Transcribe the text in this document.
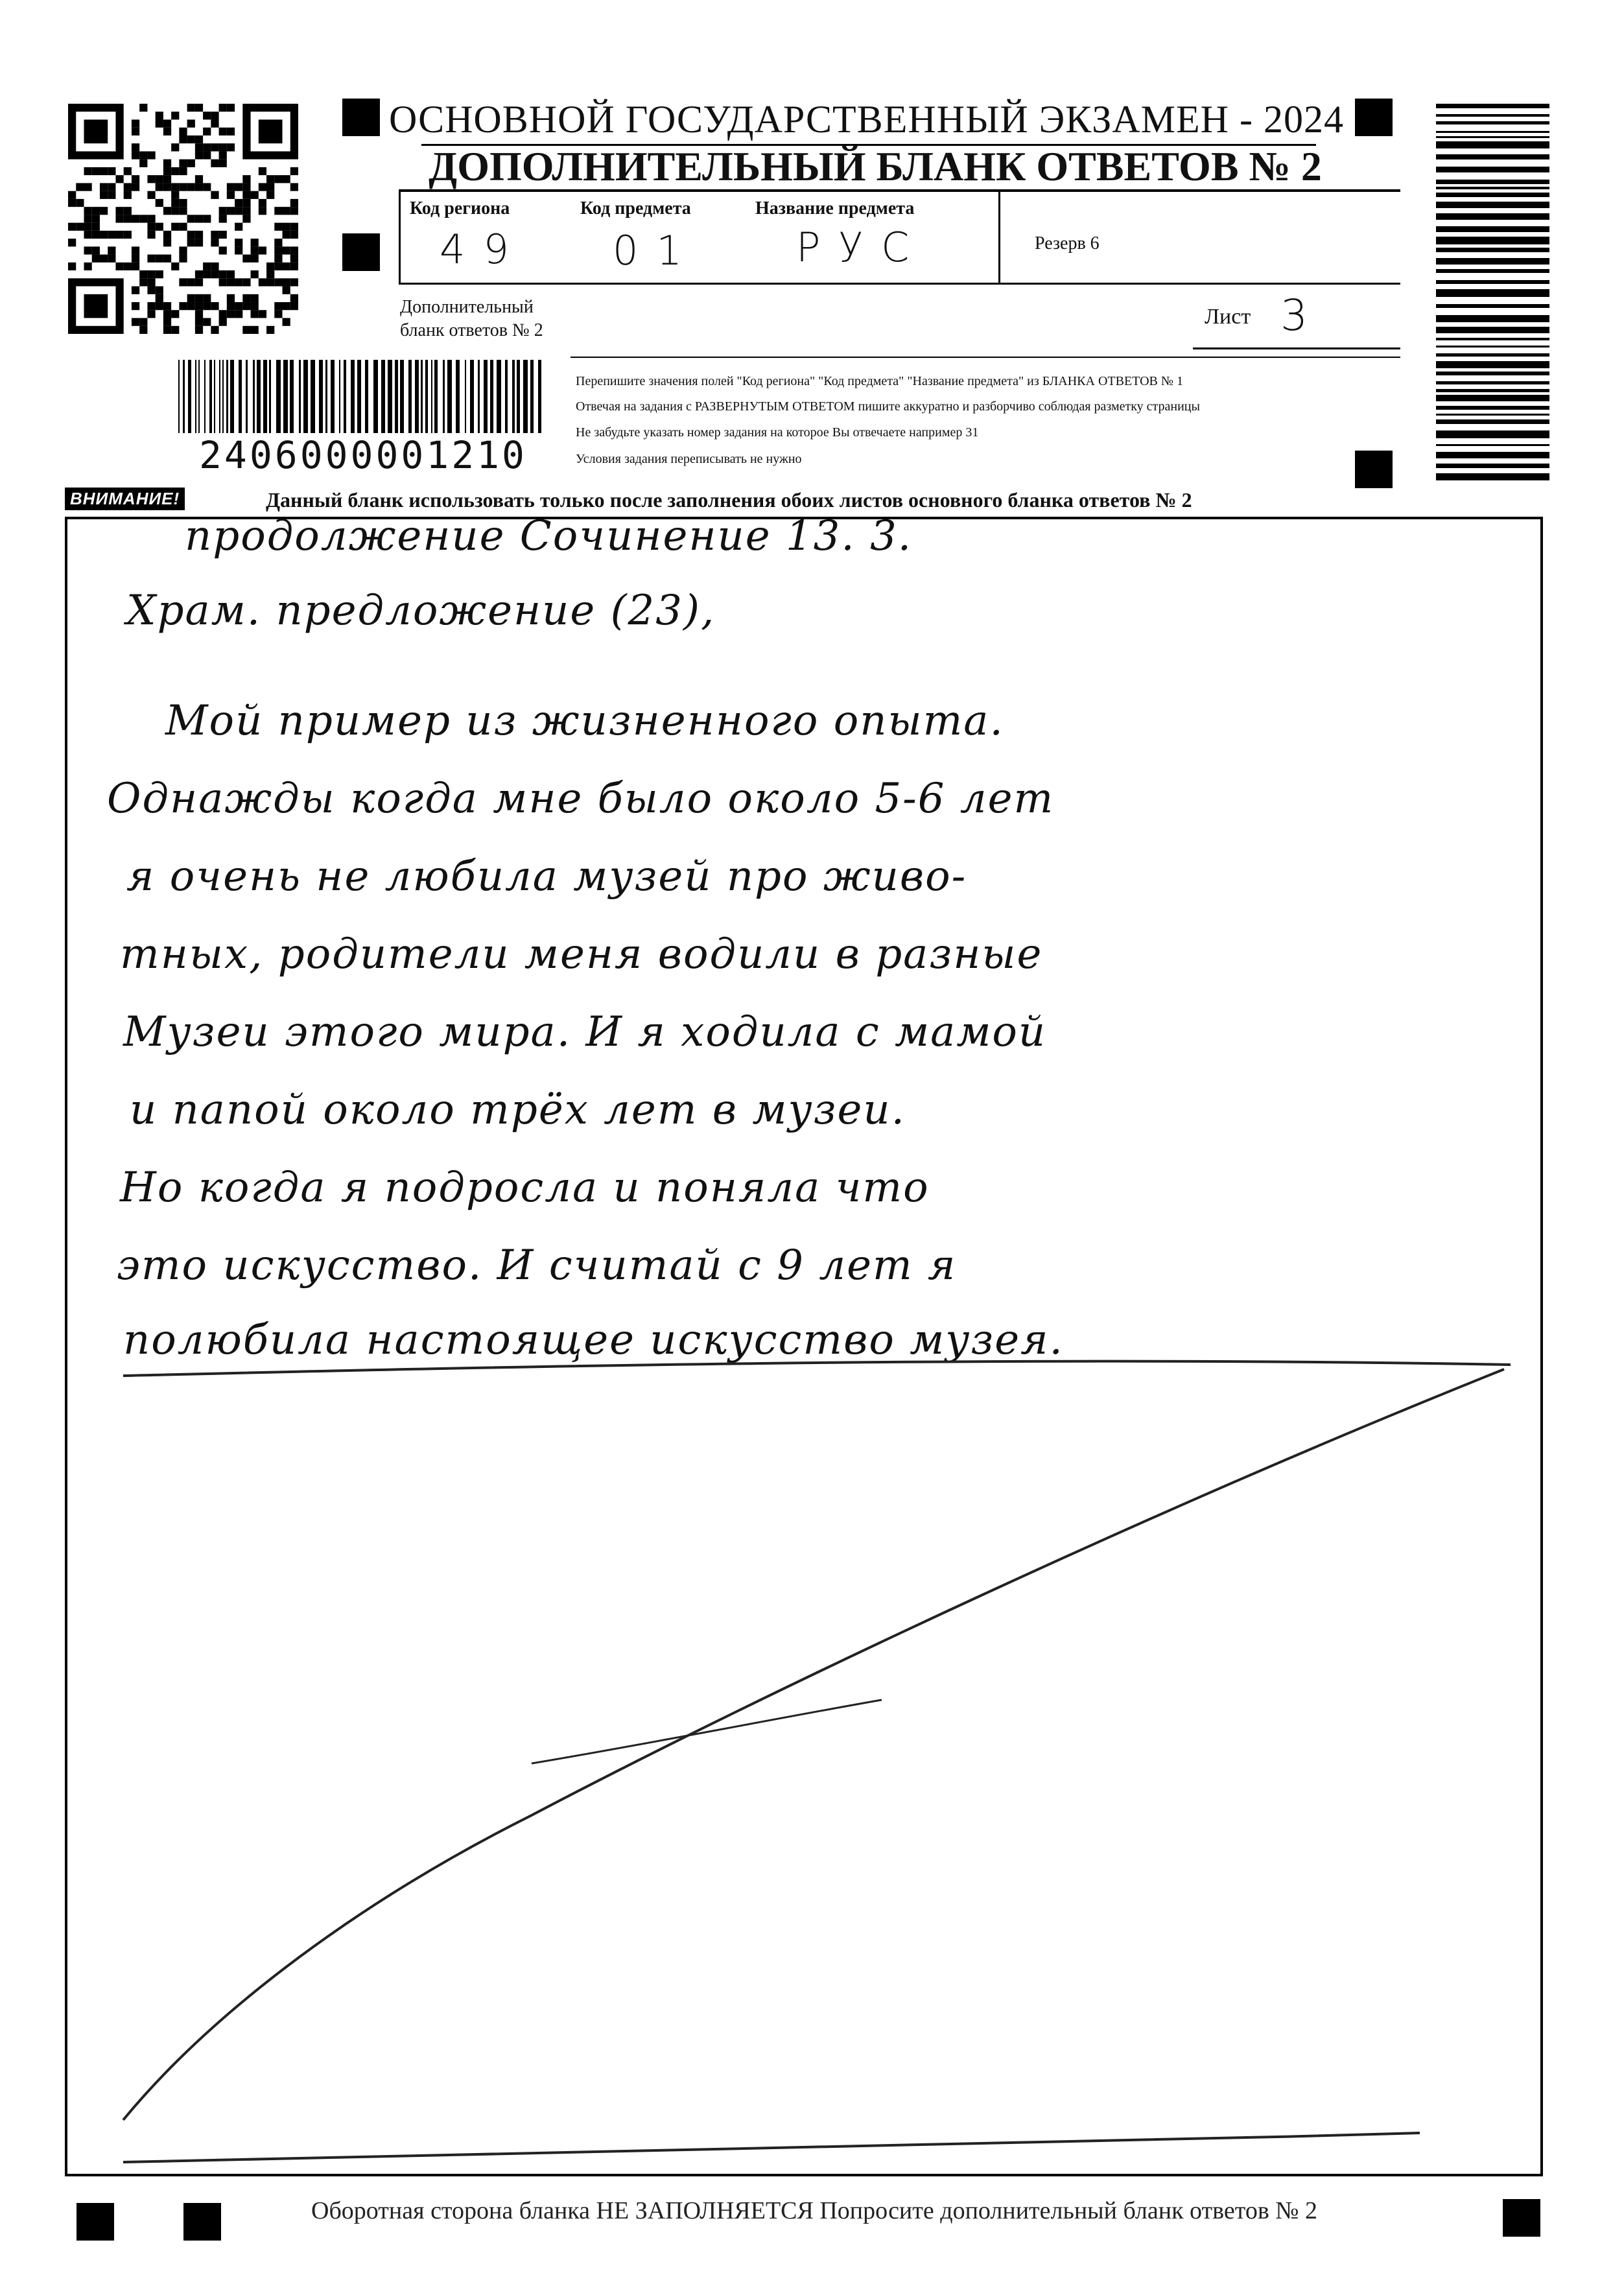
ОСНОВНОЙ ГОСУДАРСТВЕННЫЙ ЭКЗАМЕН - 2024
ДОПОЛНИТЕЛЬНЫЙ БЛАНК ОТВЕТОВ № 2
Код региона	Код предмета	Название предмета
49 01 РУС	Резерв 6
Дополнительный
бланк ответов № 2
Лист 3
2406000001210
Перепишите значения полей "Код региона" "Код предмета" "Название предмета" из БЛАНКА ОТВЕТОВ № 1
Отвечая на задания с РАЗВЕРНУТЫМ ОТВЕТОМ пишите аккуратно и разборчиво соблюдая разметку страницы
Не забудьте указать номер задания на которое Вы отвечаете например 31
Условия задания переписывать не нужно
ВНИМАНИЕ!	Данный бланк использовать только после заполнения обоих листов основного бланка ответов № 2
продолжение Сочинение 13. 3.
Храм. предложение (23),
Мой пример из жизненного опыта.
Однажды когда мне было около 5-6 лет
я очень не любила музей про живо-
тных, родители меня водили в разные
Музеи этого мира. И я ходила с мамой
и папой около трёх лет в музеи.
Но когда я подросла и поняла что
это искусство. И считай с 9 лет я
полюбила настоящее искусство музея.
Оборотная сторона бланка НЕ ЗАПОЛНЯЕТСЯ Попросите дополнительный бланк ответов № 2
